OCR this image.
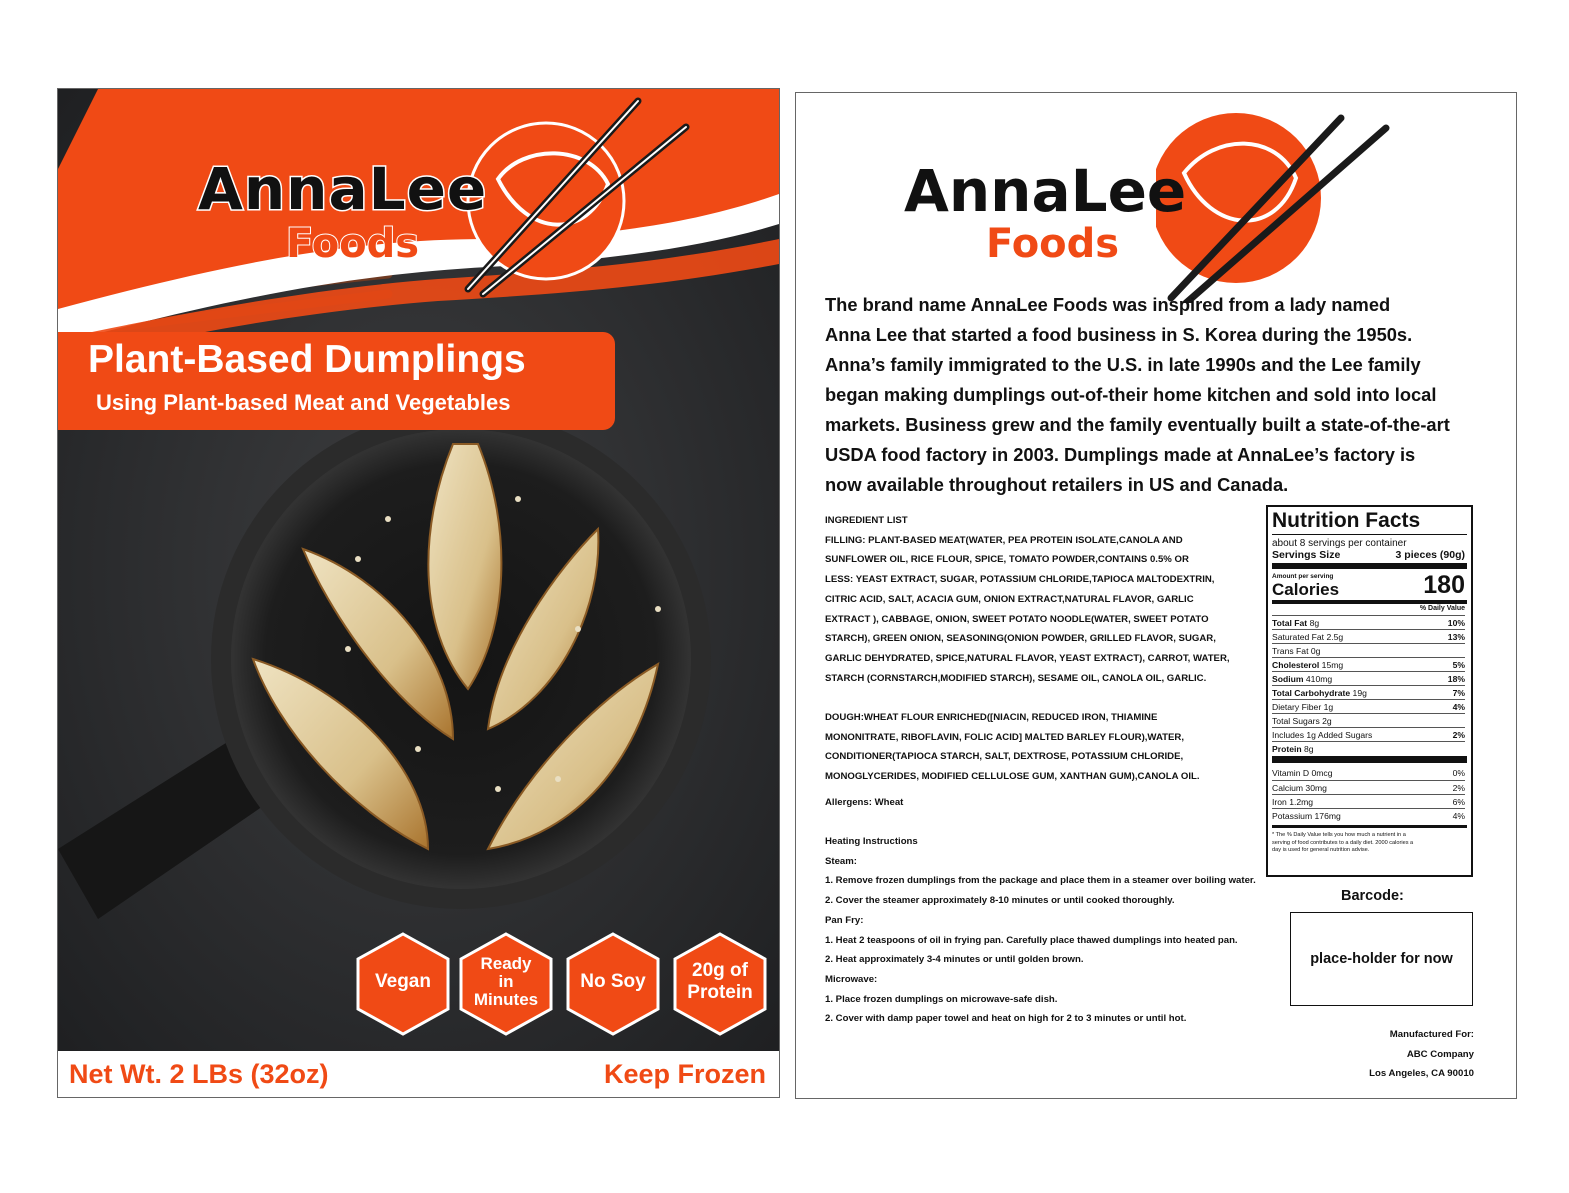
AnnaLee
Foods
Plant-Based Dumplings
Using Plant-based Meat and Vegetables
Vegan
Ready in Minutes
No Soy
20g of Protein
Net Wt. 2 LBs (32oz)	Keep Frozen
AnnaLee
Foods
The brand name AnnaLee Foods was inspired from a lady named
Anna Lee that started a food business in S. Korea during the 1950s.
Anna’s family immigrated to the U.S. in late 1990s and the Lee family
began making dumplings out-of-their home kitchen and sold into local
markets. Business grew and the family eventually built a state-of-the-art
USDA food factory in 2003. Dumplings made at AnnaLee’s factory is
now available throughout retailers in US and Canada.
INGREDIENT LIST
FILLING: PLANT-BASED MEAT(WATER, PEA PROTEIN ISOLATE,CANOLA AND
SUNFLOWER OIL, RICE FLOUR, SPICE, TOMATO POWDER,CONTAINS 0.5% OR
LESS: YEAST EXTRACT, SUGAR, POTASSIUM CHLORIDE,TAPIOCA MALTODEXTRIN,
CITRIC ACID, SALT, ACACIA GUM, ONION EXTRACT,NATURAL FLAVOR, GARLIC
EXTRACT ), CABBAGE, ONION, SWEET POTATO NOODLE(WATER, SWEET POTATO
STARCH), GREEN ONION, SEASONING(ONION POWDER, GRILLED FLAVOR, SUGAR,
GARLIC DEHYDRATED, SPICE,NATURAL FLAVOR, YEAST EXTRACT), CARROT, WATER,
STARCH (CORNSTARCH,MODIFIED STARCH), SESAME OIL, CANOLA OIL, GARLIC.
DOUGH:WHEAT FLOUR ENRICHED([NIACIN, REDUCED IRON, THIAMINE
MONONITRATE, RIBOFLAVIN, FOLIC ACID] MALTED BARLEY FLOUR),WATER,
CONDITIONER(TAPIOCA STARCH, SALT, DEXTROSE, POTASSIUM CHLORIDE,
MONOGLYCERIDES, MODIFIED CELLULOSE GUM, XANTHAN GUM),CANOLA OIL.
Allergens: Wheat
Heating Instructions
Steam:
1. Remove frozen dumplings from the package and place them in a steamer over boiling water.
2. Cover the steamer approximately 8-10 minutes or until cooked thoroughly.
Pan Fry:
1. Heat 2 teaspoons of oil in frying pan. Carefully place thawed dumplings into heated pan.
2. Heat approximately 3-4 minutes or until golden brown.
Microwave:
1. Place frozen dumplings on microwave-safe dish.
2. Cover with damp paper towel and heat on high for 2 to 3 minutes or until hot.
Nutrition Facts
about 8 servings per container
Servings Size	3 pieces (90g)
Amount per serving
Calories	180
% Daily Value
Total Fat 8g	10%
Saturated Fat 2.5g	13%
Trans Fat 0g
Cholesterol 15mg	5%
Sodium 410mg	18%
Total Carbohydrate 19g	7%
Dietary Fiber 1g	4%
Total Sugars 2g
Includes 1g Added Sugars	2%
Protein 8g
Vitamin D 0mcg	0%
Calcium 30mg	2%
Iron 1.2mg	6%
Potassium 176mg	4%
* The % Daily Value tells you how much a nutrient in a
serving of food contributes to a daily diet. 2000 calories a
day is used for general nutrition advise.
Barcode:
place-holder for now
Manufactured For:
ABC Company
Los Angeles, CA 90010
